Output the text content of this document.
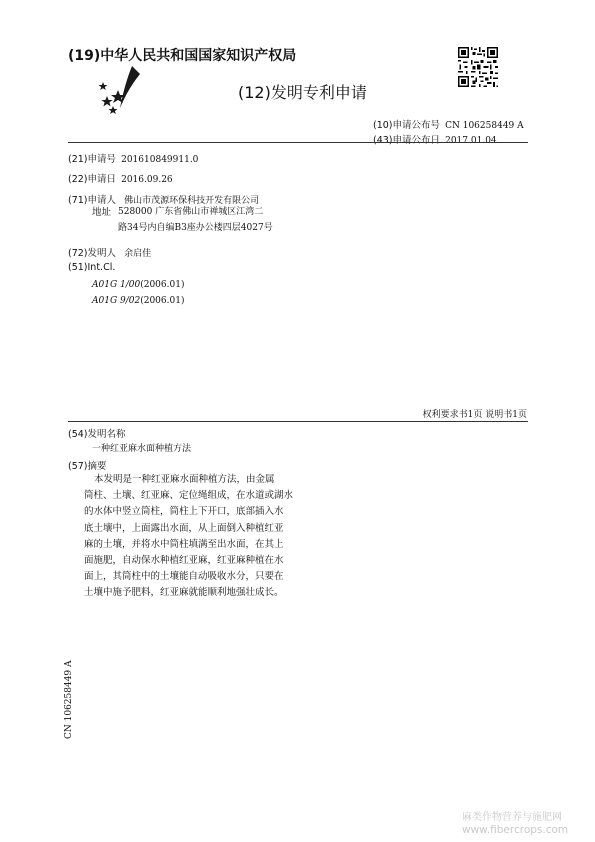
(19)中华人民共和国国家知识产权局
(12)发明专利申请
(10)申请公布号 CN 106258449 A
(43)申请公布日 2017.01.04
(21)申请号 201610849911.0
(22)申请日 2016.09.26
(71)申请人 佛山市茂源环保科技开发有限公司
地址 528000 广东省佛山市禅城区江湾二
路34号内自编B3座办公楼四层4027号
(72)发明人 余启佳
(51)Int.Cl.
A01G 1/00(2006.01)
A01G 9/02(2006.01)
权利要求书1页 说明书1页
(54)发明名称
一种红亚麻水面种植方法
(57)摘要
本发明是一种红亚麻水面种植方法，由金属
筒柱、土壤、红亚麻、定位绳组成，在水道或湖水
的水体中竖立筒柱，筒柱上下开口，底部插入水
底土壤中，上面露出水面，从上面倒入种植红亚
麻的土壤，并将水中筒柱填满至出水面，在其上
面施肥，自动保水种植红亚麻，红亚麻种植在水
面上，其筒柱中的土壤能自动吸收水分，只要在
土壤中施予肥料，红亚麻就能顺利地强壮成长。
CN 106258449 A
麻类作物营养与施肥网
www.fibercrops.com
